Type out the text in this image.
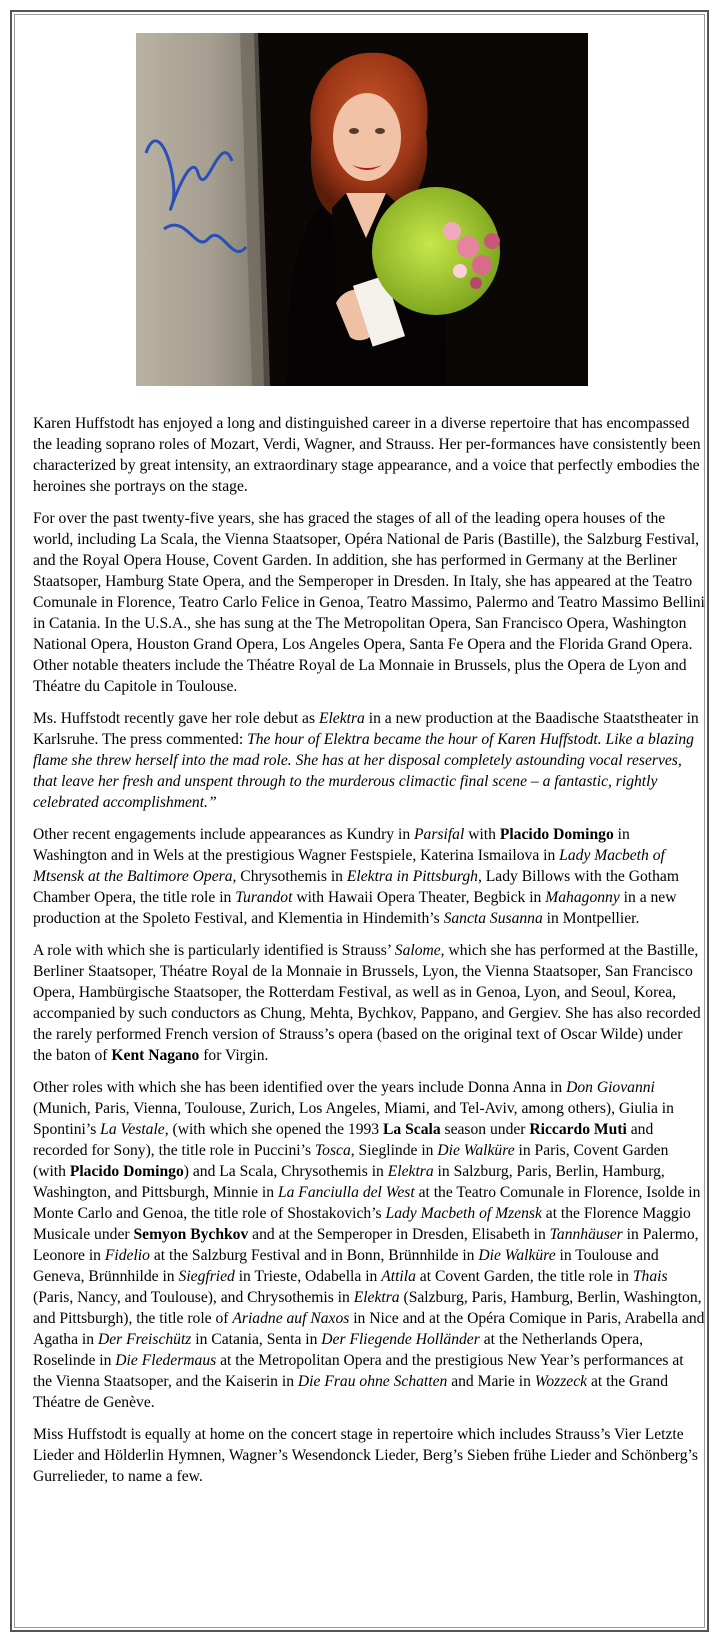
Karen Huffstodt has enjoyed a long and distinguished career in a diverse repertoire that has encompassed the leading soprano roles of Mozart, Verdi, Wagner, and Strauss. Her per-formances have consistently been characterized by great intensity, an extraordinary stage appearance, and a voice that perfectly embodies the heroines she portrays on the stage.

For over the past twenty-five years, she has graced the stages of all of the leading opera houses of the world, including La Scala, the Vienna Staatsoper, Opéra National de Paris (Bastille), the Salzburg Festival, and the Royal Opera House, Covent Garden. In addition, she has performed in Germany at the Berliner Staatsoper, Hamburg State Opera, and the Semperoper in Dresden. In Italy, she has appeared at the Teatro Comunale in Florence, Teatro Carlo Felice in Genoa, Teatro Massimo, Palermo and Teatro Massimo Bellini in Catania. In the U.S.A., she has sung at the The Metropolitan Opera, San Francisco Opera, Washington National Opera, Houston Grand Opera, Los Angeles Opera, Santa Fe Opera and the Florida Grand Opera. Other notable theaters include the Théatre Royal de La Monnaie in Brussels, plus the Opera de Lyon and Théatre du Capitole in Toulouse.

Ms. Huffstodt recently gave her role debut as Elektra in a new production at the Baadische Staatstheater in Karlsruhe. The press commented: The hour of Elektra became the hour of Karen Huffstodt. Like a blazing flame she threw herself into the mad role. She has at her disposal completely astounding vocal reserves, that leave her fresh and unspent through to the murderous climactic final scene – a fantastic, rightly celebrated accomplishment.”

Other recent engagements include appearances as Kundry in Parsifal with Placido Domingo in Washington and in Wels at the prestigious Wagner Festspiele, Katerina Ismailova in Lady Macbeth of Mtsensk at the Baltimore Opera, Chrysothemis in Elektra in Pittsburgh, Lady Billows with the Gotham Chamber Opera, the title role in Turandot with Hawaii Opera Theater, Begbick in Mahagonny in a new production at the Spoleto Festival, and Klementia in Hindemith’s Sancta Susanna in Montpellier.

A role with which she is particularly identified is Strauss’ Salome, which she has performed at the Bastille, Berliner Staatsoper, Théatre Royal de la Monnaie in Brussels, Lyon, the Vienna Staatsoper, San Francisco Opera, Hambürgische Staatsoper, the Rotterdam Festival, as well as in Genoa, Lyon, and Seoul, Korea, accompanied by such conductors as Chung, Mehta, Bychkov, Pappano, and Gergiev. She has also recorded the rarely performed French version of Strauss’s opera (based on the original text of Oscar Wilde) under the baton of Kent Nagano for Virgin.

Other roles with which she has been identified over the years include Donna Anna in Don Giovanni (Munich, Paris, Vienna, Toulouse, Zurich, Los Angeles, Miami, and Tel-Aviv, among others), Giulia in Spontini’s La Vestale, (with which she opened the 1993 La Scala season under Riccardo Muti and recorded for Sony), the title role in Puccini’s Tosca, Sieglinde in Die Walküre in Paris, Covent Garden (with Placido Domingo) and La Scala, Chrysothemis in Elektra in Salzburg, Paris, Berlin, Hamburg, Washington, and Pittsburgh, Minnie in La Fanciulla del West at the Teatro Comunale in Florence, Isolde in Monte Carlo and Genoa, the title role of Shostakovich’s Lady Macbeth of Mzensk at the Florence Maggio Musicale under Semyon Bychkov and at the Semperoper in Dresden, Elisabeth in Tannhäuser in Palermo, Leonore in Fidelio at the Salzburg Festival and in Bonn, Brünnhilde in Die Walküre in Toulouse and Geneva, Brünnhilde in Siegfried in Trieste, Odabella in Attila at Covent Garden, the title role in Thais (Paris, Nancy, and Toulouse), and Chrysothemis in Elektra (Salzburg, Paris, Hamburg, Berlin, Washington, and Pittsburgh), the title role of Ariadne auf Naxos in Nice and at the Opéra Comique in Paris, Arabella and Agatha in Der Freischütz in Catania, Senta in Der Fliegende Holländer at the Netherlands Opera, Roselinde in Die Fledermaus at the Metropolitan Opera and the prestigious New Year’s performances at the Vienna Staatsoper, and the Kaiserin in Die Frau ohne Schatten and Marie in Wozzeck at the Grand Théatre de Genève.

Miss Huffstodt is equally at home on the concert stage in repertoire which includes Strauss’s Vier Letzte Lieder and Hölderlin Hymnen, Wagner’s Wesendonck Lieder, Berg’s Sieben frühe Lieder and Schönberg’s Gurrelieder, to name a few.
